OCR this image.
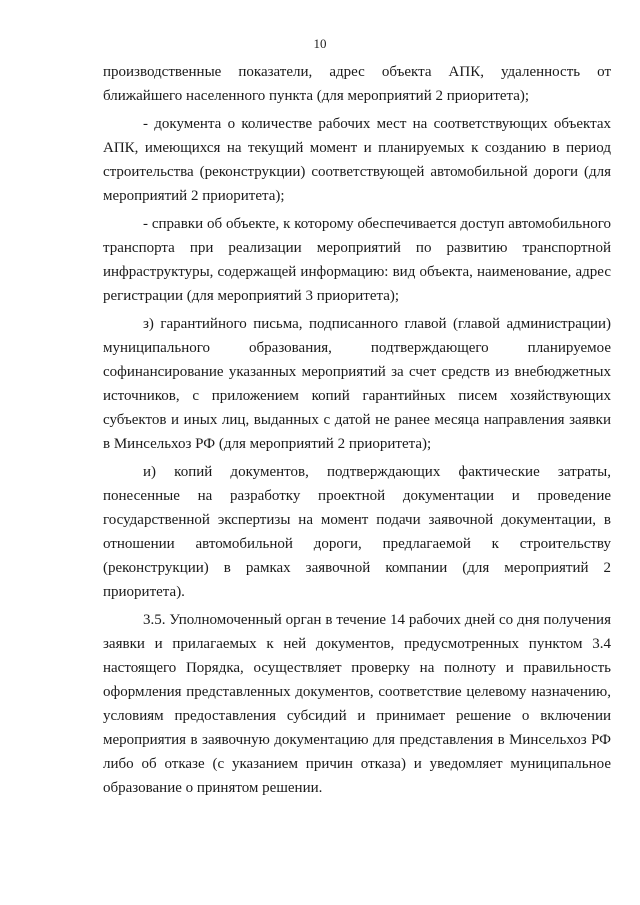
10

производственные показатели, адрес объекта АПК, удаленность от ближайшего населенного пункта (для мероприятий 2 приоритета);

- документа о количестве рабочих мест на соответствующих объектах АПК, имеющихся на текущий момент и планируемых к созданию в период строительства (реконструкции) соответствующей автомобильной дороги (для мероприятий 2 приоритета);

- справки об объекте, к которому обеспечивается доступ автомобильного транспорта при реализации мероприятий по развитию транспортной инфраструктуры, содержащей информацию: вид объекта, наименование, адрес регистрации (для мероприятий 3 приоритета);

з) гарантийного письма, подписанного главой (главой администрации) муниципального образования, подтверждающего планируемое софинансирование указанных мероприятий за счет средств из внебюджетных источников, с приложением копий гарантийных писем хозяйствующих субъектов и иных лиц, выданных с датой не ранее месяца направления заявки в Минсельхоз РФ (для мероприятий 2 приоритета);

и) копий документов, подтверждающих фактические затраты, понесенные на разработку проектной документации и проведение государственной экспертизы на момент подачи заявочной документации, в отношении автомобильной дороги, предлагаемой к строительству (реконструкции) в рамках заявочной компании (для мероприятий 2 приоритета).

3.5. Уполномоченный орган в течение 14 рабочих дней со дня получения заявки и прилагаемых к ней документов, предусмотренных пунктом 3.4 настоящего Порядка, осуществляет проверку на полноту и правильность оформления представленных документов, соответствие целевому назначению, условиям предоставления субсидий и принимает решение о включении мероприятия в заявочную документацию для представления в Минсельхоз РФ либо об отказе (с указанием причин отказа) и уведомляет муниципальное образование о принятом решении.
